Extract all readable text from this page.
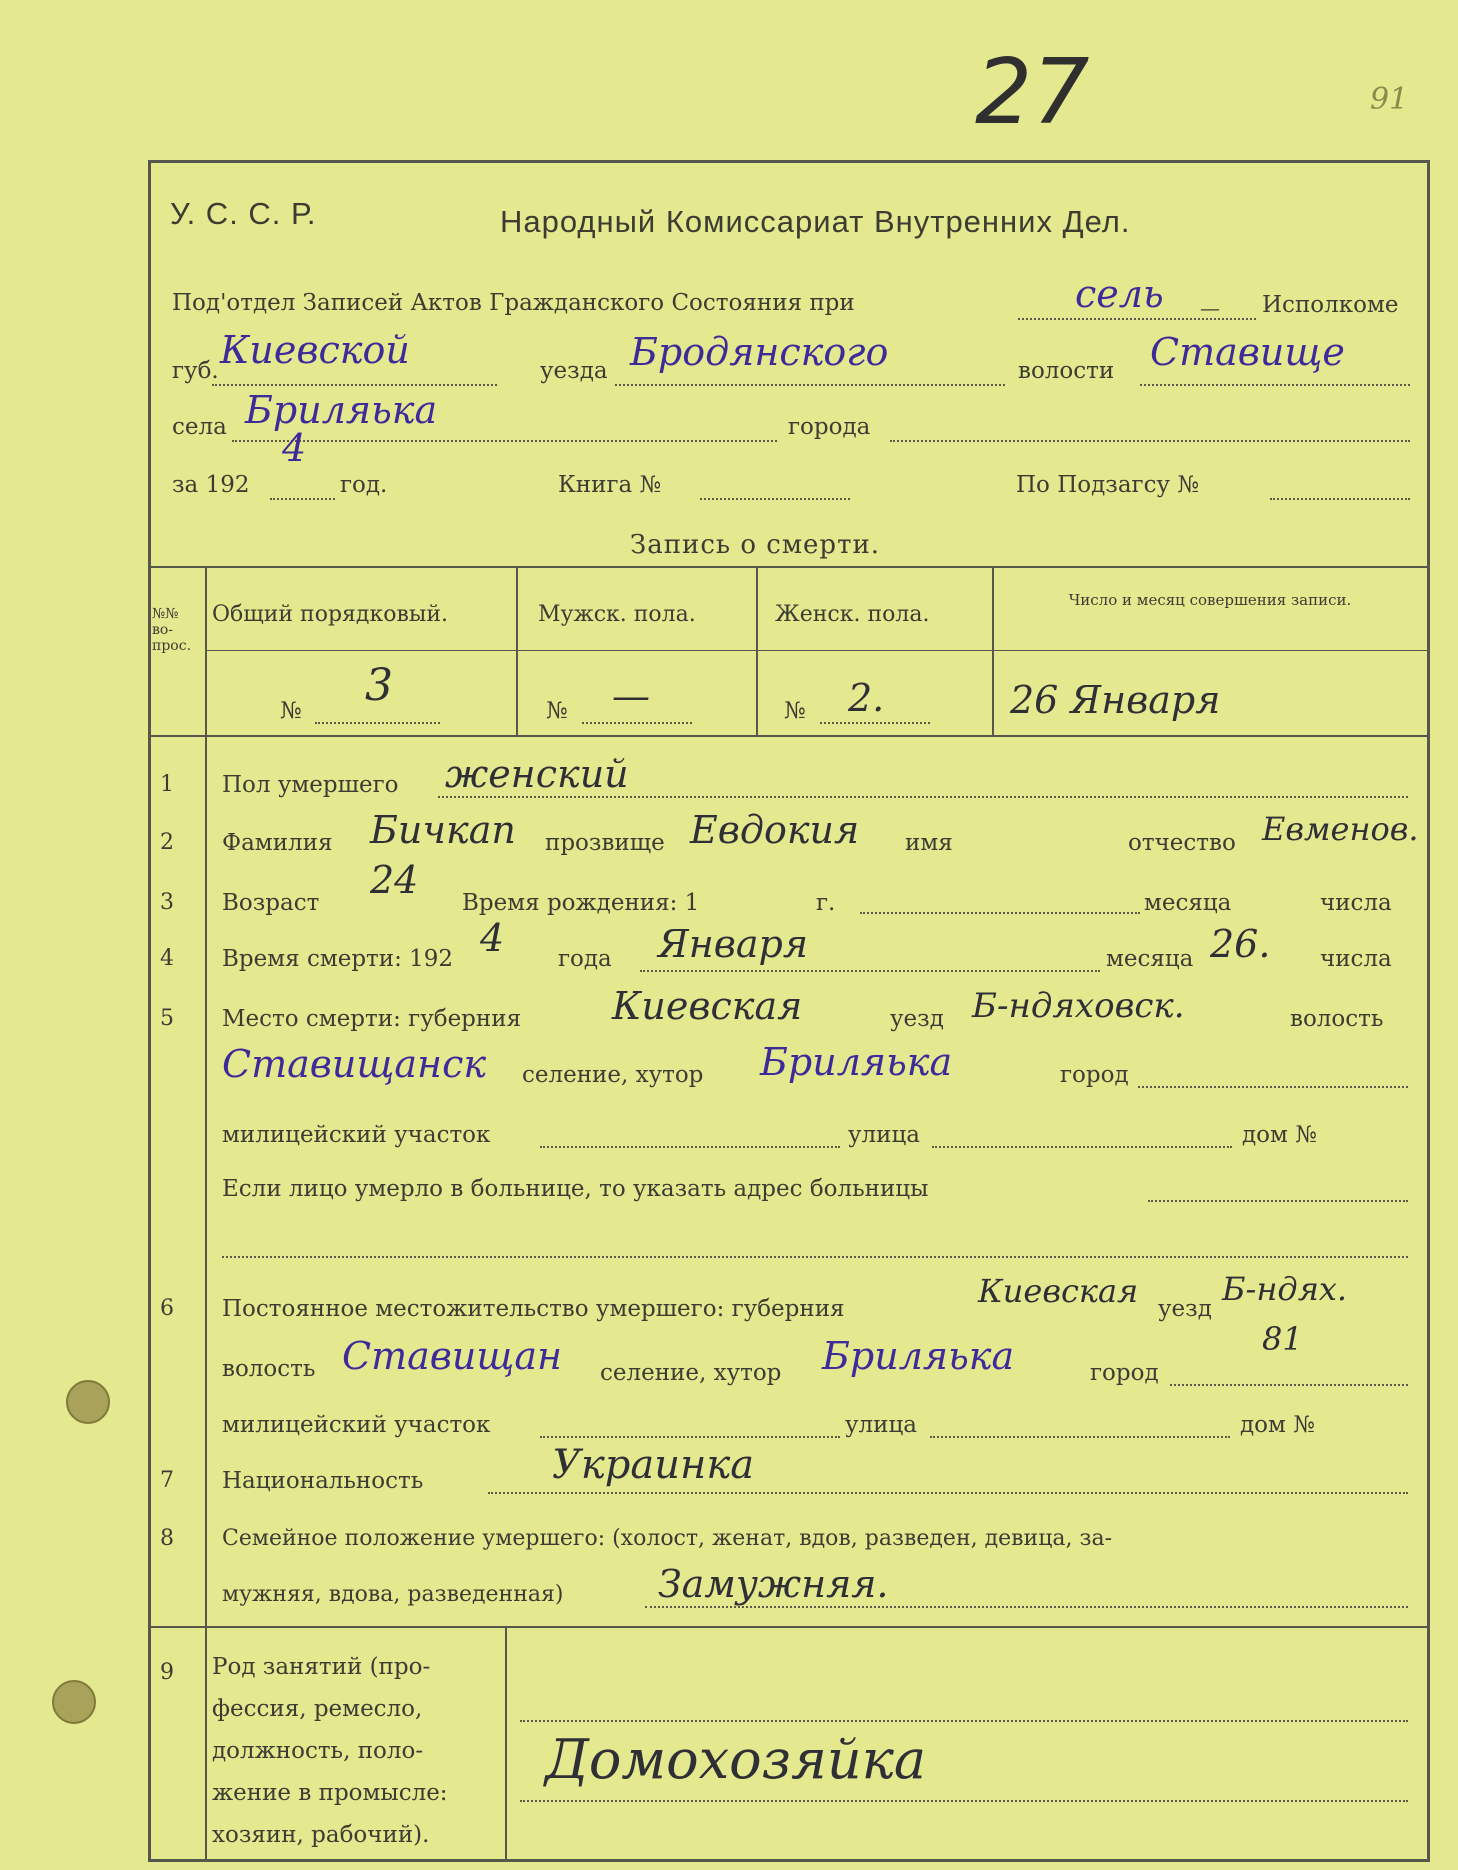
27	91
У. С. С. Р.	Народный Комиссариат Внутренних Дел.
Под'отдел Записей Актов Гражданского Состояния при	сель — Исполкоме
губ. Киевской	уезда Бродянского	волости Ставище
села Бриляька	города
за 192
4
год.	Книга №	По Подзагсу №
Запись о смерти.
№№ во-прос.
Общий порядковый.	Мужск. пола.	Женск. пола.
Число и месяц совершения записи.
№ 3	№ —	№ 2.	26 Января
1 Пол умершего женский
2 Фамилия Бичкап прозвище Евдокия имя	отчество Евменов.
3 Возраст
24
Время рождения: 1	г.	месяца	числа
4 Время смерти: 192 4 года Января	месяца 26. числа
5 Место смерти: губерния Киевская	уезд Б-ндяховск.	волость
Ставищанск селение, хутор Бриляька	город
милицейский участок	улица	дом №
Если лицо умерло в больнице, то указать адрес больницы
6 Постоянное местожительство умершего: губерния	Киевская уезд
Б-ндях.
81
волость Ставищан селение, хутор Бриляька	город
милицейский участок	улица	дом №
7 Национальность	Украинка
8 Семейное положение умершего: (холост, женат, вдов, разведен, девица, за-
мужняя, вдова, разведенная) Замужняя.
9 Род занятий (про-
фессия, ремесло,
должность, поло-
жение в промысле:
хозяин, рабочий).
Домохозяйка
